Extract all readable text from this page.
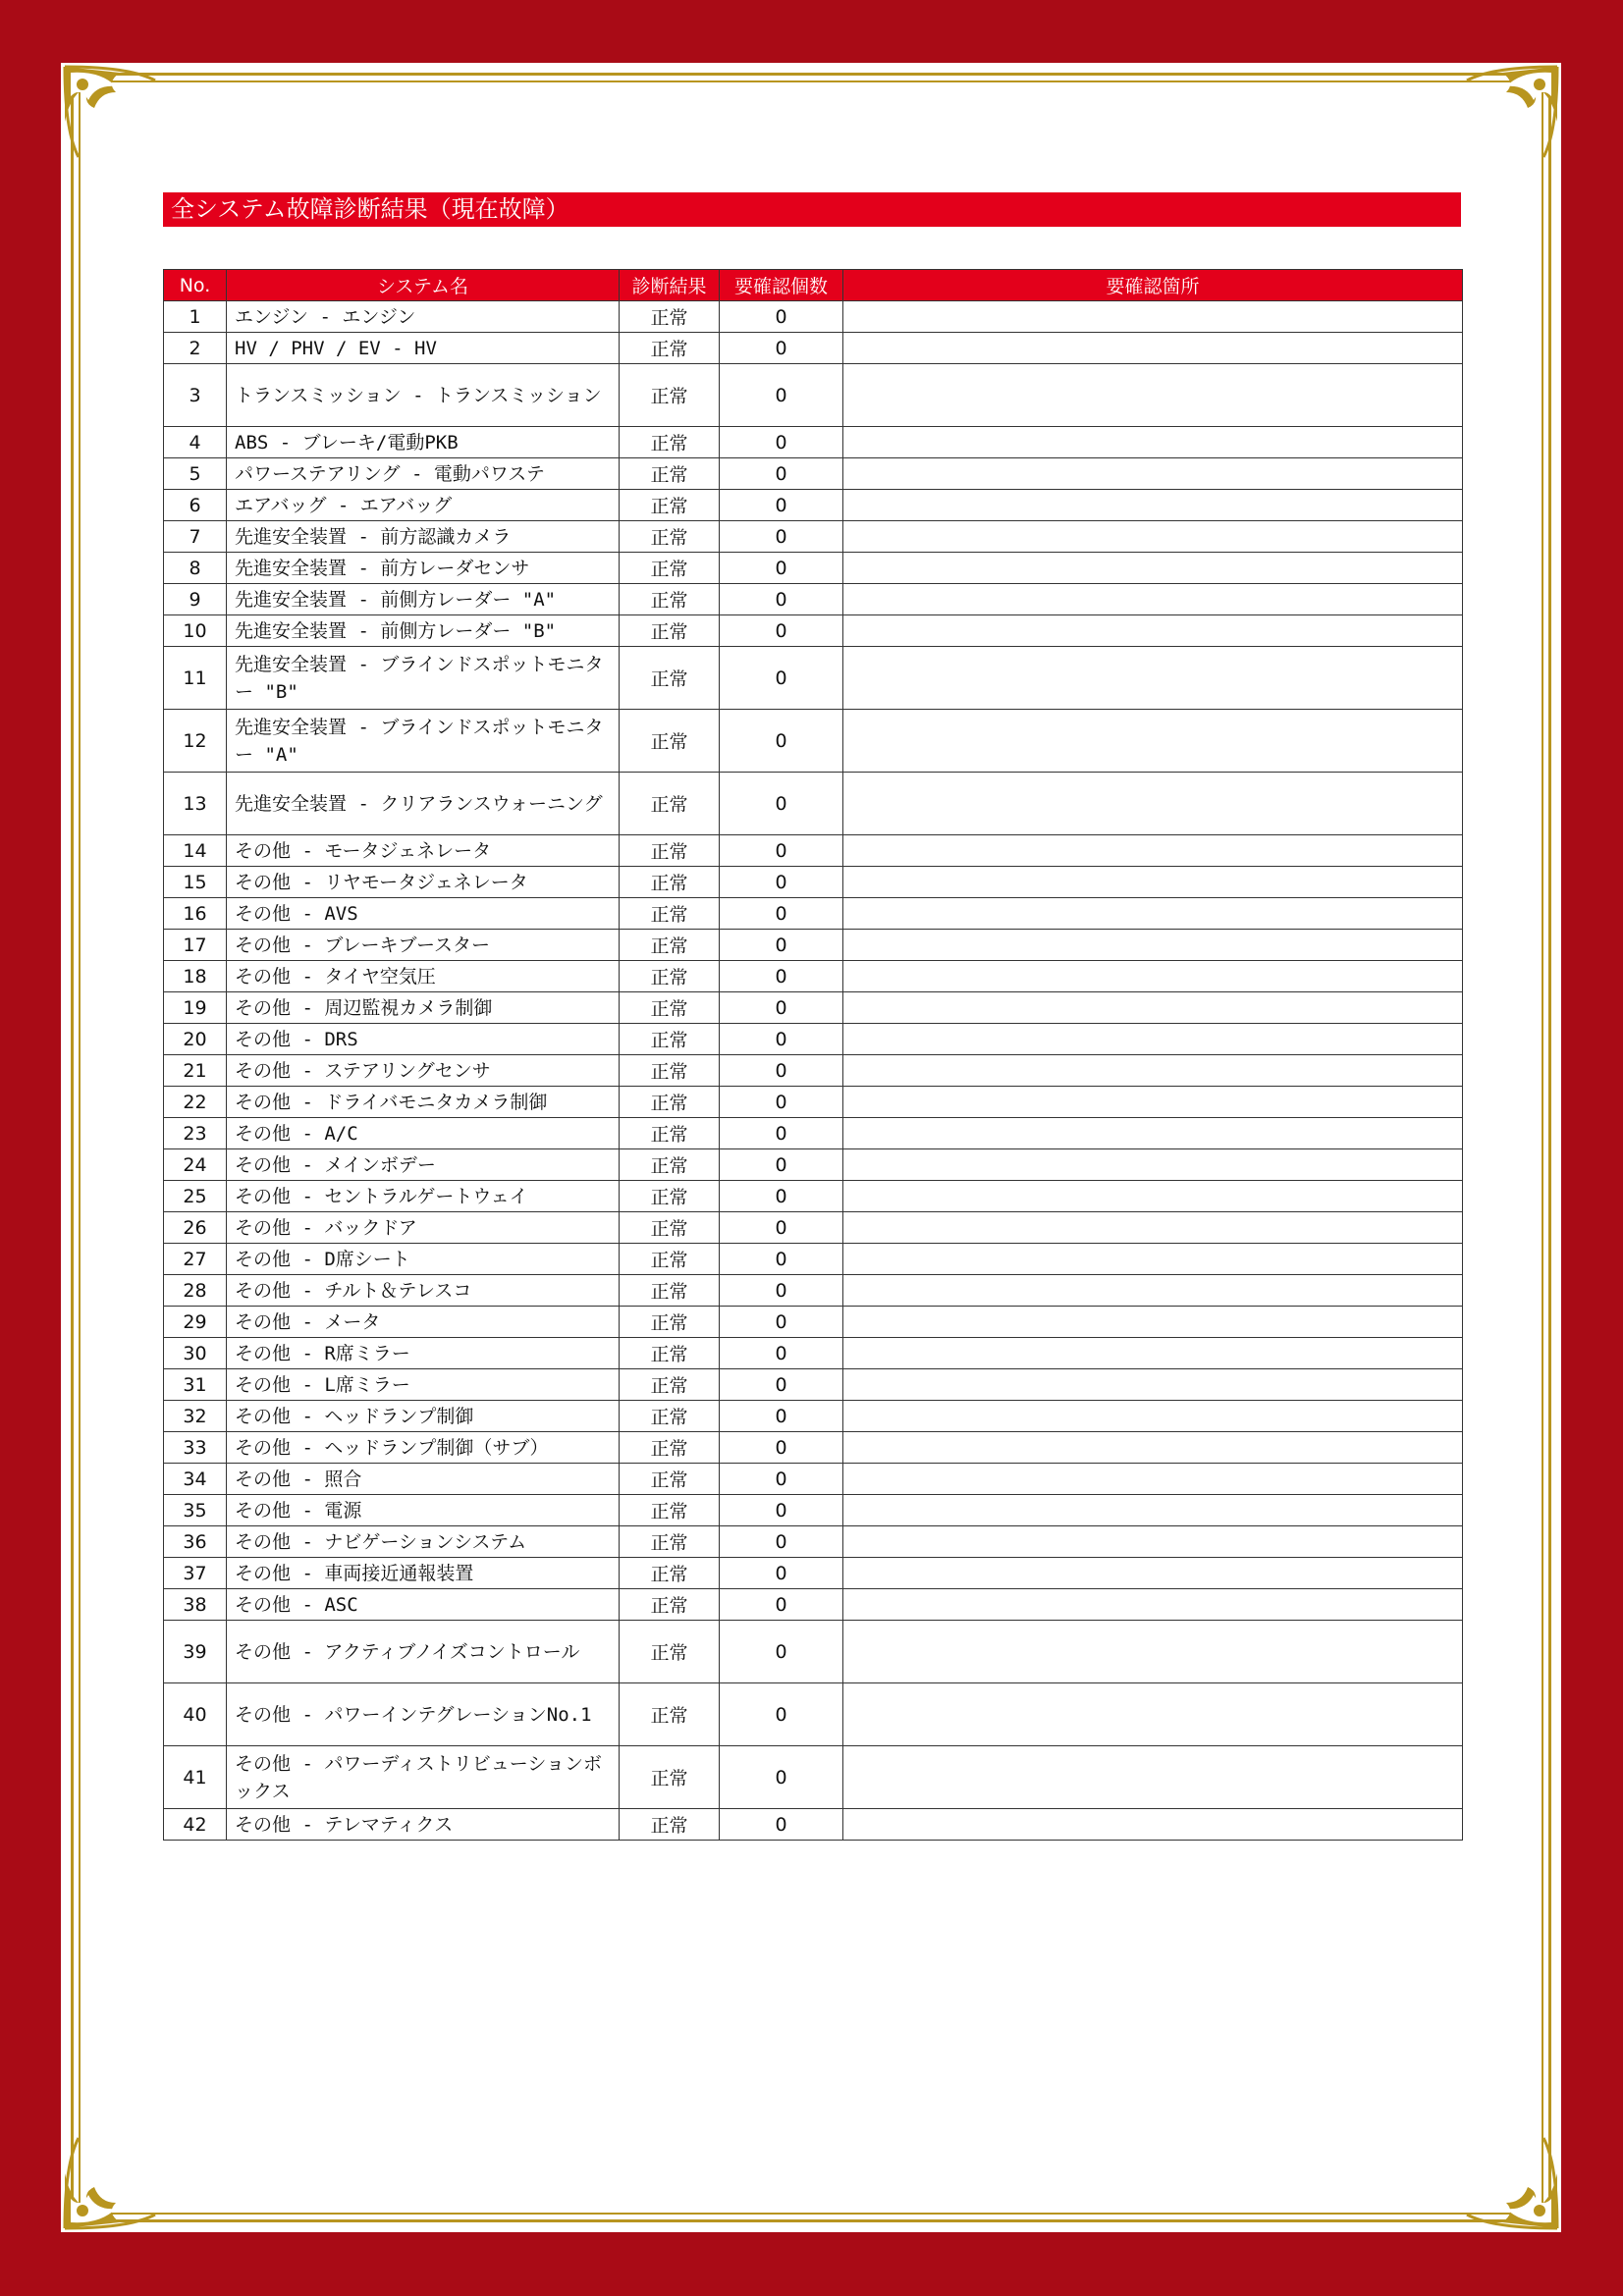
全システム故障診断結果（現在故障）
No.	システム名	診断結果	要確認個数	要確認箇所
1	エンジン - エンジン	正常	0	
2	HV / PHV / EV - HV	正常	0	
3	トランスミッション - トランスミッション	正常	0	
4	ABS - ブレーキ/電動PKB	正常	0	
5	パワーステアリング - 電動パワステ	正常	0	
6	エアバッグ - エアバッグ	正常	0	
7	先進安全装置 - 前方認識カメラ	正常	0	
8	先進安全装置 - 前方レーダセンサ	正常	0	
9	先進安全装置 - 前側方レーダー "A"	正常	0	
10	先進安全装置 - 前側方レーダー "B"	正常	0	
11	先進安全装置 - ブラインドスポットモニター "B"	正常	0	
12	先進安全装置 - ブラインドスポットモニター "A"	正常	0	
13	先進安全装置 - クリアランスウォーニング	正常	0	
14	その他 - モータジェネレータ	正常	0	
15	その他 - リヤモータジェネレータ	正常	0	
16	その他 - AVS	正常	0	
17	その他 - ブレーキブースター	正常	0	
18	その他 - タイヤ空気圧	正常	0	
19	その他 - 周辺監視カメラ制御	正常	0	
20	その他 - DRS	正常	0	
21	その他 - ステアリングセンサ	正常	0	
22	その他 - ドライバモニタカメラ制御	正常	0	
23	その他 - A/C	正常	0	
24	その他 - メインボデー	正常	0	
25	その他 - セントラルゲートウェイ	正常	0	
26	その他 - バックドア	正常	0	
27	その他 - D席シート	正常	0	
28	その他 - チルト＆テレスコ	正常	0	
29	その他 - メータ	正常	0	
30	その他 - R席ミラー	正常	0	
31	その他 - L席ミラー	正常	0	
32	その他 - ヘッドランプ制御	正常	0	
33	その他 - ヘッドランプ制御（サブ）	正常	0	
34	その他 - 照合	正常	0	
35	その他 - 電源	正常	0	
36	その他 - ナビゲーションシステム	正常	0	
37	その他 - 車両接近通報装置	正常	0	
38	その他 - ASC	正常	0	
39	その他 - アクティブノイズコントロール	正常	0	
40	その他 - パワーインテグレーションNo.1	正常	0	
41	その他 - パワーディストリビューションボックス	正常	0	
42	その他 - テレマティクス	正常	0	
